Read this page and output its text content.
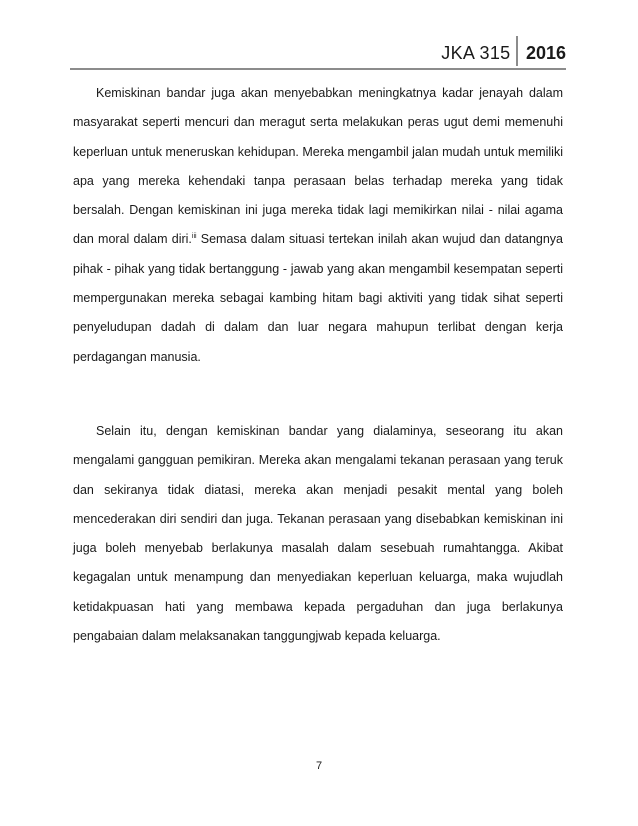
JKA 315 2016

Kemiskinan bandar juga akan menyebabkan meningkatnya kadar jenayah dalam masyarakat seperti mencuri dan meragut serta melakukan peras ugut demi memenuhi keperluan untuk meneruskan kehidupan. Mereka mengambil jalan mudah untuk memiliki apa yang mereka kehendaki tanpa perasaan belas terhadap mereka yang tidak bersalah. Dengan kemiskinan ini juga mereka tidak lagi memikirkan nilai - nilai agama dan moral dalam diri.$^{iii}$ Semasa dalam situasi tertekan inilah akan wujud dan datangnya pihak - pihak yang tidak bertanggung - jawab yang akan mengambil kesempatan seperti mempergunakan mereka sebagai kambing hitam bagi aktiviti yang tidak sihat seperti penyeludupan dadah di dalam dan luar negara mahupun terlibat dengan kerja perdagangan manusia.

Selain itu, dengan kemiskinan bandar yang dialaminya, seseorang itu akan mengalami gangguan pemikiran. Mereka akan mengalami tekanan perasaan yang teruk dan sekiranya tidak diatasi, mereka akan menjadi pesakit mental yang boleh mencederakan diri sendiri dan juga. Tekanan perasaan yang disebabkan kemiskinan ini juga boleh menyebab berlakunya masalah dalam sesebuah rumahtangga. Akibat kegagalan untuk menampung dan menyediakan keperluan keluarga, maka wujudlah ketidakpuasan hati yang membawa kepada pergaduhan dan juga berlakunya pengabaian dalam melaksanakan tanggungjwab kepada keluarga.

7
